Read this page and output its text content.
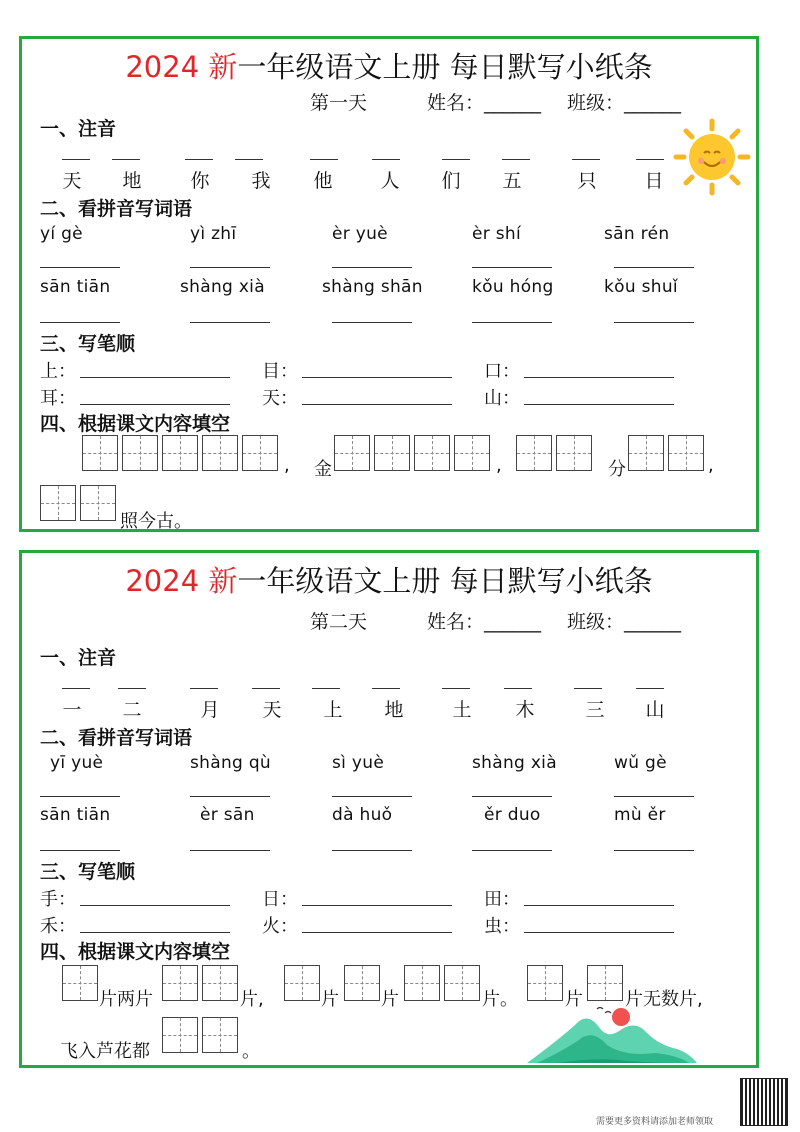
2024 新一年级语文上册 每日默写小纸条
第一天	姓名：______ 班级：______
一、注音
天	地	你	我	他	人	们	五	只	日
二、看拼音写词语
yí gè	yì zhī	èr yuè	èr shí	sān rén
sān tiān	shàng xià	shàng shān	kǒu hóng	kǒu shuǐ
三、写笔顺
上：	目：	口：
耳：	天：	山：
四、根据课文内容填空
, 金	,	分	,
照今古。
2024 新一年级语文上册 每日默写小纸条
第二天	姓名：______ 班级：______
一、注音
一	二	月	天	上	地	土	木	三	山
二、看拼音写词语
yī yuè	shàng qù	sì yuè	shàng xià	wǔ gè
sān tiān	èr sān	dà huǒ	ěr duo	mù ěr
三、写笔顺
手：	日：	田：
禾：	火：	虫：
四、根据课文内容填空
片两片	片,	片 片	片。	片 片无数片,
飞入芦花都	。
需要更多资料请添加老师领取
